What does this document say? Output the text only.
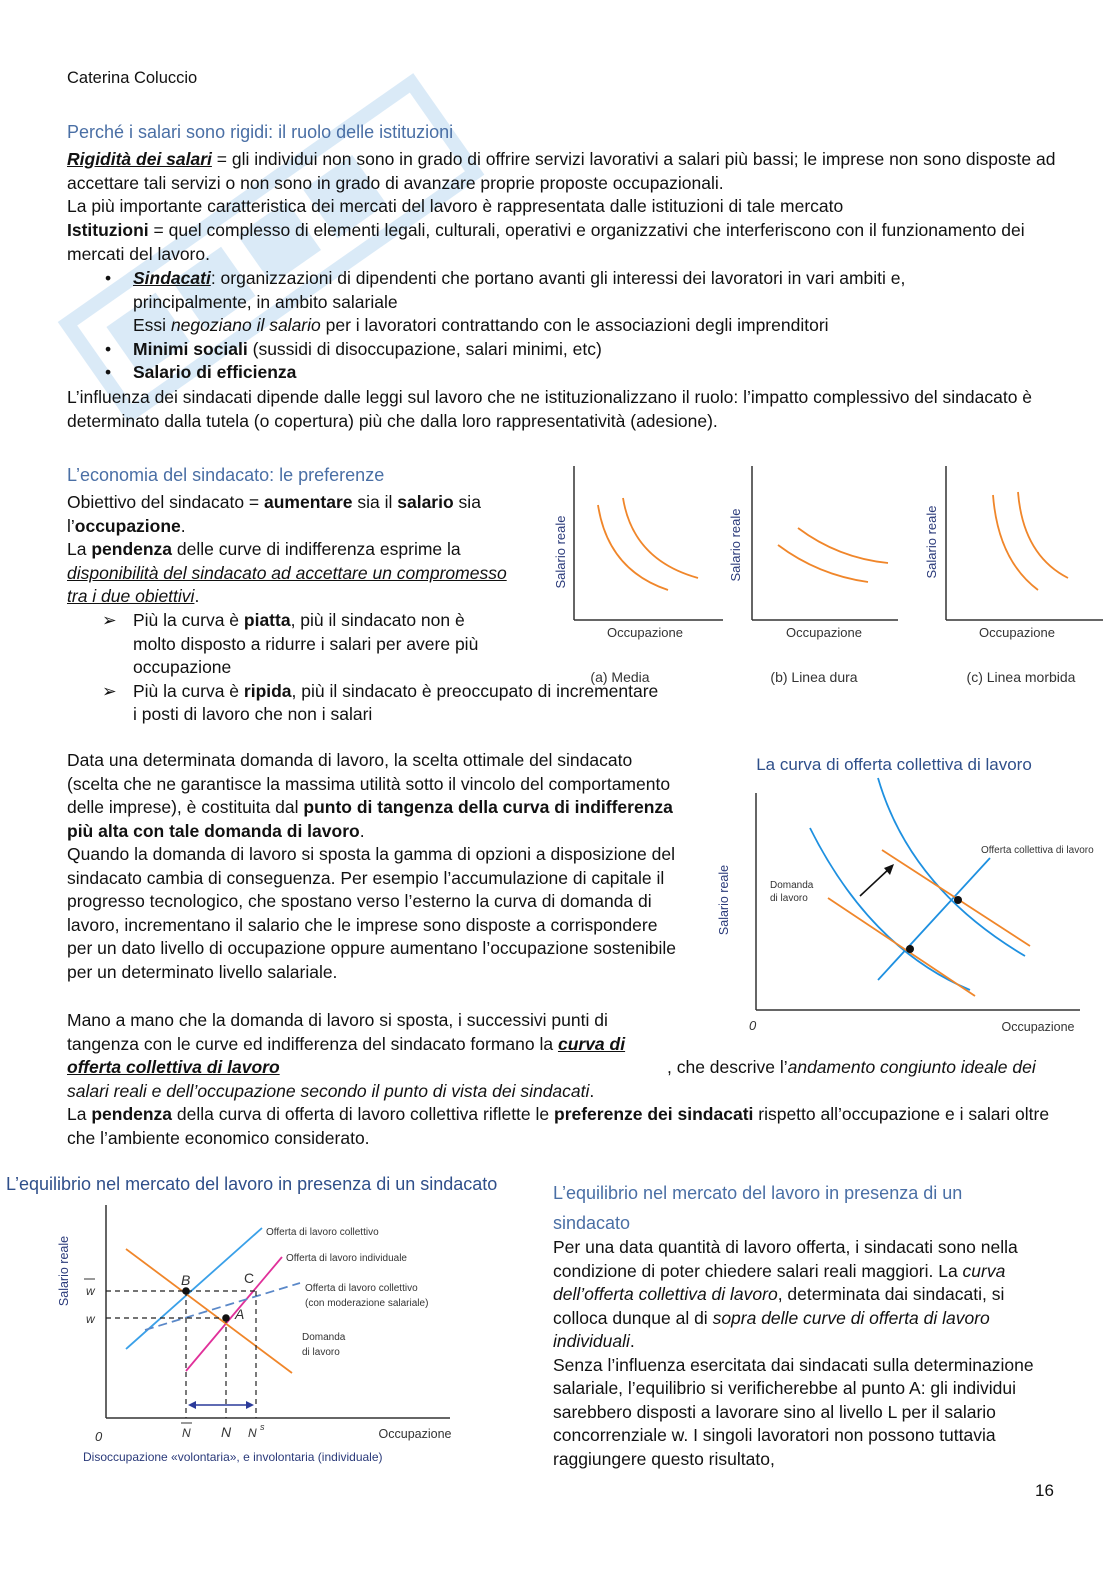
Caterina Coluccio
Perché i salari sono rigidi: il ruolo delle istituzioni
Rigidità dei salari = gli individui non sono in grado di offrire servizi lavorativi a salari più bassi; le imprese non sono disposte ad accettare tali servizi o non sono in grado di avanzare proprie proposte occupazionali.
La più importante caratteristica dei mercati del lavoro è rappresentata dalle istituzioni di tale mercato
Istituzioni = quel complesso di elementi legali, culturali, operativi e organizzativi che interferiscono con il funzionamento dei mercati del lavoro.
• Sindacati: organizzazioni di dipendenti che portano avanti gli interessi dei lavoratori in vari ambiti e, principalmente, in ambito salariale
Essi negoziano il salario per i lavoratori contrattando con le associazioni degli imprenditori
• Minimi sociali (sussidi di disoccupazione, salari minimi, etc)
• Salario di efficienza
L’influenza dei sindacati dipende dalle leggi sul lavoro che ne istituzionalizzano il ruolo: l’impatto complessivo del sindacato è determinato dalla tutela (o copertura) più che dalla loro rappresentatività (adesione).
L’economia del sindacato: le preferenze
Obiettivo del sindacato = aumentare sia il salario sia l’occupazione.
La pendenza delle curve di indifferenza esprime la disponibilità del sindacato ad accettare un compromesso tra i due obiettivi.
➢ Più la curva è piatta, più il sindacato non è molto disposto a ridurre i salari per avere più occupazione
➢ Più la curva è ripida, più il sindacato è preoccupato di incrementare i posti di lavoro che non i salari
Salario reale
Occupazione
(a) Media
Salario reale
Occupazione
(b) Linea dura
Salario reale
Occupazione
(c) Linea morbida
Data una determinata domanda di lavoro, la scelta ottimale del sindacato (scelta che ne garantisce la massima utilità sotto il vincolo del comportamento delle imprese), è costituita dal punto di tangenza della curva di indifferenza più alta con tale domanda di lavoro.
Quando la domanda di lavoro si sposta la gamma di opzioni a disposizione del sindacato cambia di conseguenza. Per esempio l’accumulazione di capitale il progresso tecnologico, che spostano verso l’esterno la curva di domanda di lavoro, incrementano il salario che le imprese sono disposte a corrispondere per un dato livello di occupazione oppure aumentano l’occupazione sostenibile per un determinato livello salariale.
Mano a mano che la domanda di lavoro si sposta, i successivi punti di tangenza con le curve ed indifferenza del sindacato formano la curva di offerta collettiva di lavoro	, che descrive l’andamento congiunto ideale dei salari reali e dell’occupazione secondo il punto di vista dei sindacati.
La pendenza della curva di offerta di lavoro collettiva riflette le preferenze dei sindacati rispetto all’occupazione e i salari oltre che l’ambiente economico considerato.
La curva di offerta collettiva di lavoro
Salario reale
Occupazione
0
Offerta collettiva di lavoro
Domanda
di lavoro
L’equilibrio nel mercato del lavoro in presenza di un sindacato
Salario reale
Occupazione
0
B	C
A
w
w
N N N s
Offerta di lavoro collettivo
Offerta di lavoro individuale
Offerta di lavoro collettivo
(con moderazione salariale)
Domanda
di lavoro
Disoccupazione «volontaria», e involontaria (individuale)
L’equilibrio nel mercato del lavoro in presenza di un sindacato
Per una data quantità di lavoro offerta, i sindacati sono nella condizione di poter chiedere salari reali maggiori. La curva dell’offerta collettiva di lavoro, determinata dai sindacati, si colloca dunque al di sopra delle curve di offerta di lavoro individuali.
Senza l’influenza esercitata dai sindacati sulla determinazione salariale, l’equilibrio si verificherebbe al punto A: gli individui sarebbero disposti a lavorare sino al livello L per il salario concorrenziale w. I singoli lavoratori non possono tuttavia raggiungere questo risultato,
16
